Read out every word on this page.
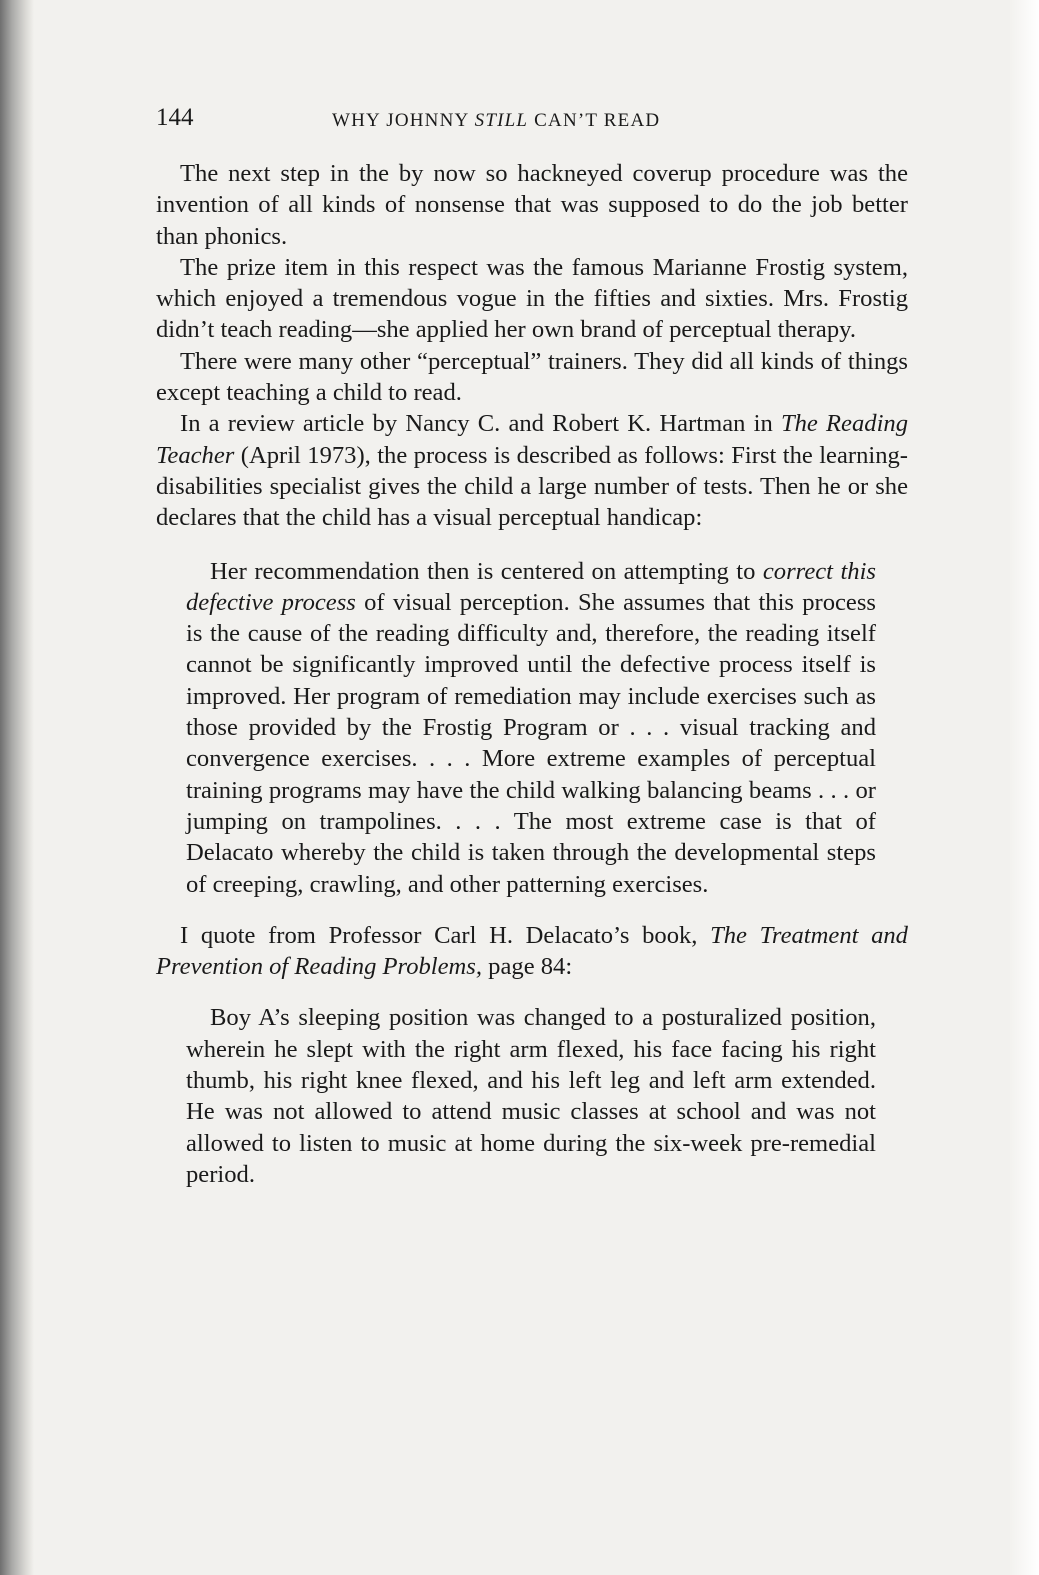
144	WHY JOHNNY STILL CAN’T READ

The next step in the by now so hackneyed coverup procedure was the invention of all kinds of nonsense that was supposed to do the job better than phonics.

The prize item in this respect was the famous Marianne Frostig system, which enjoyed a tremendous vogue in the fifties and sixties. Mrs. Frostig didn’t teach reading—she applied her own brand of perceptual therapy.

There were many other “perceptual” trainers. They did all kinds of things except teaching a child to read.

In a review article by Nancy C. and Robert K. Hartman in The Reading Teacher (April 1973), the process is described as follows: First the learning-disabilities specialist gives the child a large number of tests. Then he or she declares that the child has a visual perceptual handicap:

Her recommendation then is centered on attempting to correct this defective process of visual perception. She assumes that this process is the cause of the reading difficulty and, therefore, the reading itself cannot be significantly improved until the defective process itself is improved. Her program of remediation may include exercises such as those provided by the Frostig Program or . . . visual tracking and convergence exercises. . . . More extreme examples of perceptual training programs may have the child walking balancing beams . . . or jumping on trampolines. . . . The most extreme case is that of Delacato whereby the child is taken through the developmental steps of creeping, crawling, and other patterning exercises.

I quote from Professor Carl H. Delacato’s book, The Treatment and Prevention of Reading Problems, page 84:

Boy A’s sleeping position was changed to a posturalized position, wherein he slept with the right arm flexed, his face facing his right thumb, his right knee flexed, and his left leg and left arm extended. He was not allowed to attend music classes at school and was not allowed to listen to music at home during the six-week pre-remedial period.
